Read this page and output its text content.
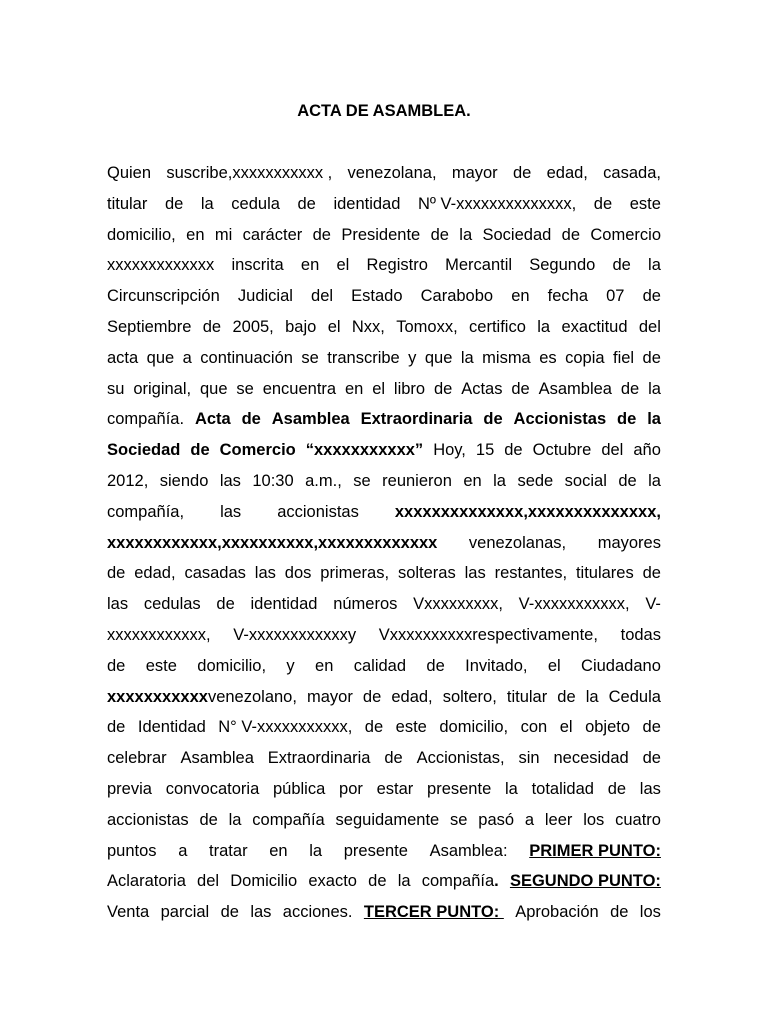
ACTA DE ASAMBLEA.
Quien suscribe,xxxxxxxxxxx , venezolana, mayor de edad, casada,
titular de la cedula de identidad Nº V-xxxxxxxxxxxxxx, de este
domicilio, en mi carácter de Presidente de la Sociedad de Comercio
xxxxxxxxxxxxx inscrita en el Registro Mercantil Segundo de la
Circunscripción Judicial del Estado Carabobo en fecha 07 de
Septiembre de 2005, bajo el Nxx, Tomoxx, certifico la exactitud del
acta que a continuación se transcribe y que la misma es copia fiel de
su original, que se encuentra en el libro de Actas de Asamblea de la
compañía. Acta de Asamblea Extraordinaria de Accionistas de la
Sociedad de Comercio “xxxxxxxxxxx” Hoy, 15 de Octubre del año
2012, siendo las 10:30 a.m., se reunieron en la sede social de la
compañía, las accionistas xxxxxxxxxxxxxx,xxxxxxxxxxxxxx,
xxxxxxxxxxxx,xxxxxxxxxx,xxxxxxxxxxxxx venezolanas, mayores
de edad, casadas las dos primeras, solteras las restantes, titulares de
las cedulas de identidad números Vxxxxxxxxx, V-xxxxxxxxxxx, V-
xxxxxxxxxxxx, V-xxxxxxxxxxxxy Vxxxxxxxxxxrespectivamente, todas
de este domicilio, y en calidad de Invitado, el Ciudadano
xxxxxxxxxxxvenezolano, mayor de edad, soltero, titular de la Cedula
de Identidad N° V-xxxxxxxxxxx, de este domicilio, con el objeto de
celebrar Asamblea Extraordinaria de Accionistas, sin necesidad de
previa convocatoria pública por estar presente la totalidad de las
accionistas de la compañía seguidamente se pasó a leer los cuatro
puntos a tratar en la presente Asamblea: PRIMER PUNTO:
Aclaratoria del Domicilio exacto de la compañía. SEGUNDO PUNTO:
Venta parcial de las acciones. TERCER PUNTO: Aprobación de los
